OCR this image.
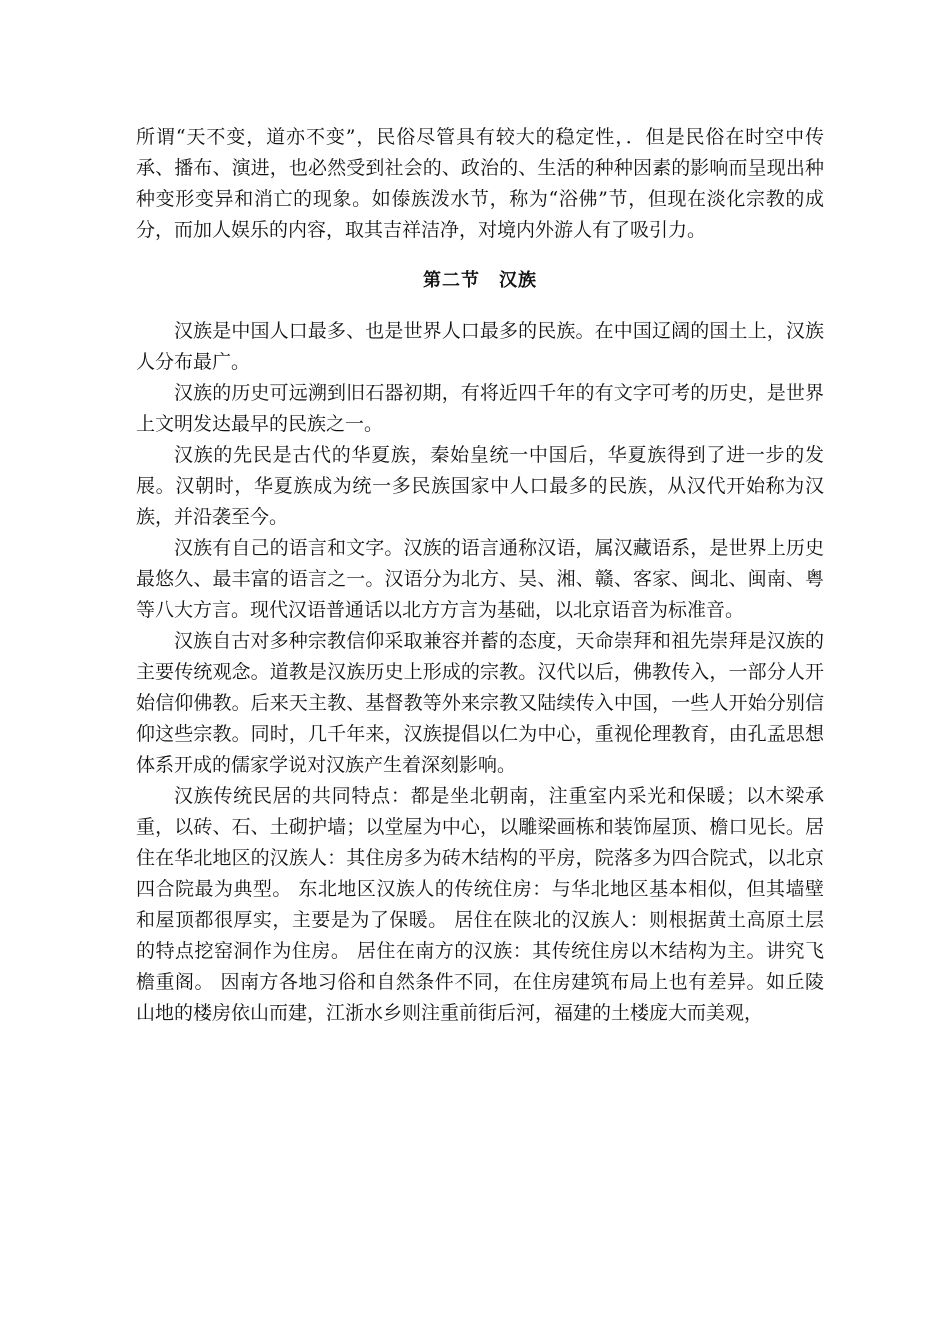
所谓“天不变，道亦不变”，民俗尽管具有较大的稳定性，．但是民俗在时空中传承、播布、演进，也必然受到社会的、政治的、生活的种种因素的影响而呈现出种种变形变异和消亡的现象。如傣族泼水节，称为“浴佛”节，但现在淡化宗教的成分，而加人娱乐的内容，取其吉祥洁净，对境内外游人有了吸引力。

第二节　汉族

汉族是中国人口最多、也是世界人口最多的民族。在中国辽阔的国土上，汉族人分布最广。

汉族的历史可远溯到旧石器初期，有将近四千年的有文字可考的历史，是世界上文明发达最早的民族之一。

汉族的先民是古代的华夏族，秦始皇统一中国后，华夏族得到了进一步的发展。汉朝时，华夏族成为统一多民族国家中人口最多的民族，从汉代开始称为汉族，并沿袭至今。

汉族有自己的语言和文字。汉族的语言通称汉语，属汉藏语系，是世界上历史最悠久、最丰富的语言之一。汉语分为北方、吴、湘、赣、客家、闽北、闽南、粤等八大方言。现代汉语普通话以北方方言为基础，以北京语音为标准音。

汉族自古对多种宗教信仰采取兼容并蓄的态度，天命崇拜和祖先崇拜是汉族的主要传统观念。道教是汉族历史上形成的宗教。汉代以后，佛教传入，一部分人开始信仰佛教。后来天主教、基督教等外来宗教又陆续传入中国，一些人开始分别信仰这些宗教。同时，几千年来，汉族提倡以仁为中心，重视伦理教育，由孔孟思想体系开成的儒家学说对汉族产生着深刻影响。

汉族传统民居的共同特点：都是坐北朝南，注重室内采光和保暖；以木梁承重，以砖、石、土砌护墙；以堂屋为中心，以雕梁画栋和装饰屋顶、檐口见长。居住在华北地区的汉族人：其住房多为砖木结构的平房，院落多为四合院式，以北京四合院最为典型。 东北地区汉族人的传统住房：与华北地区基本相似，但其墙壁和屋顶都很厚实，主要是为了保暖。 居住在陕北的汉族人：则根据黄土高原土层的特点挖窑洞作为住房。 居住在南方的汉族：其传统住房以木结构为主。讲究飞檐重阁。 因南方各地习俗和自然条件不同，在住房建筑布局上也有差异。如丘陵山地的楼房依山而建，江浙水乡则注重前街后河，福建的土楼庞大而美观，
